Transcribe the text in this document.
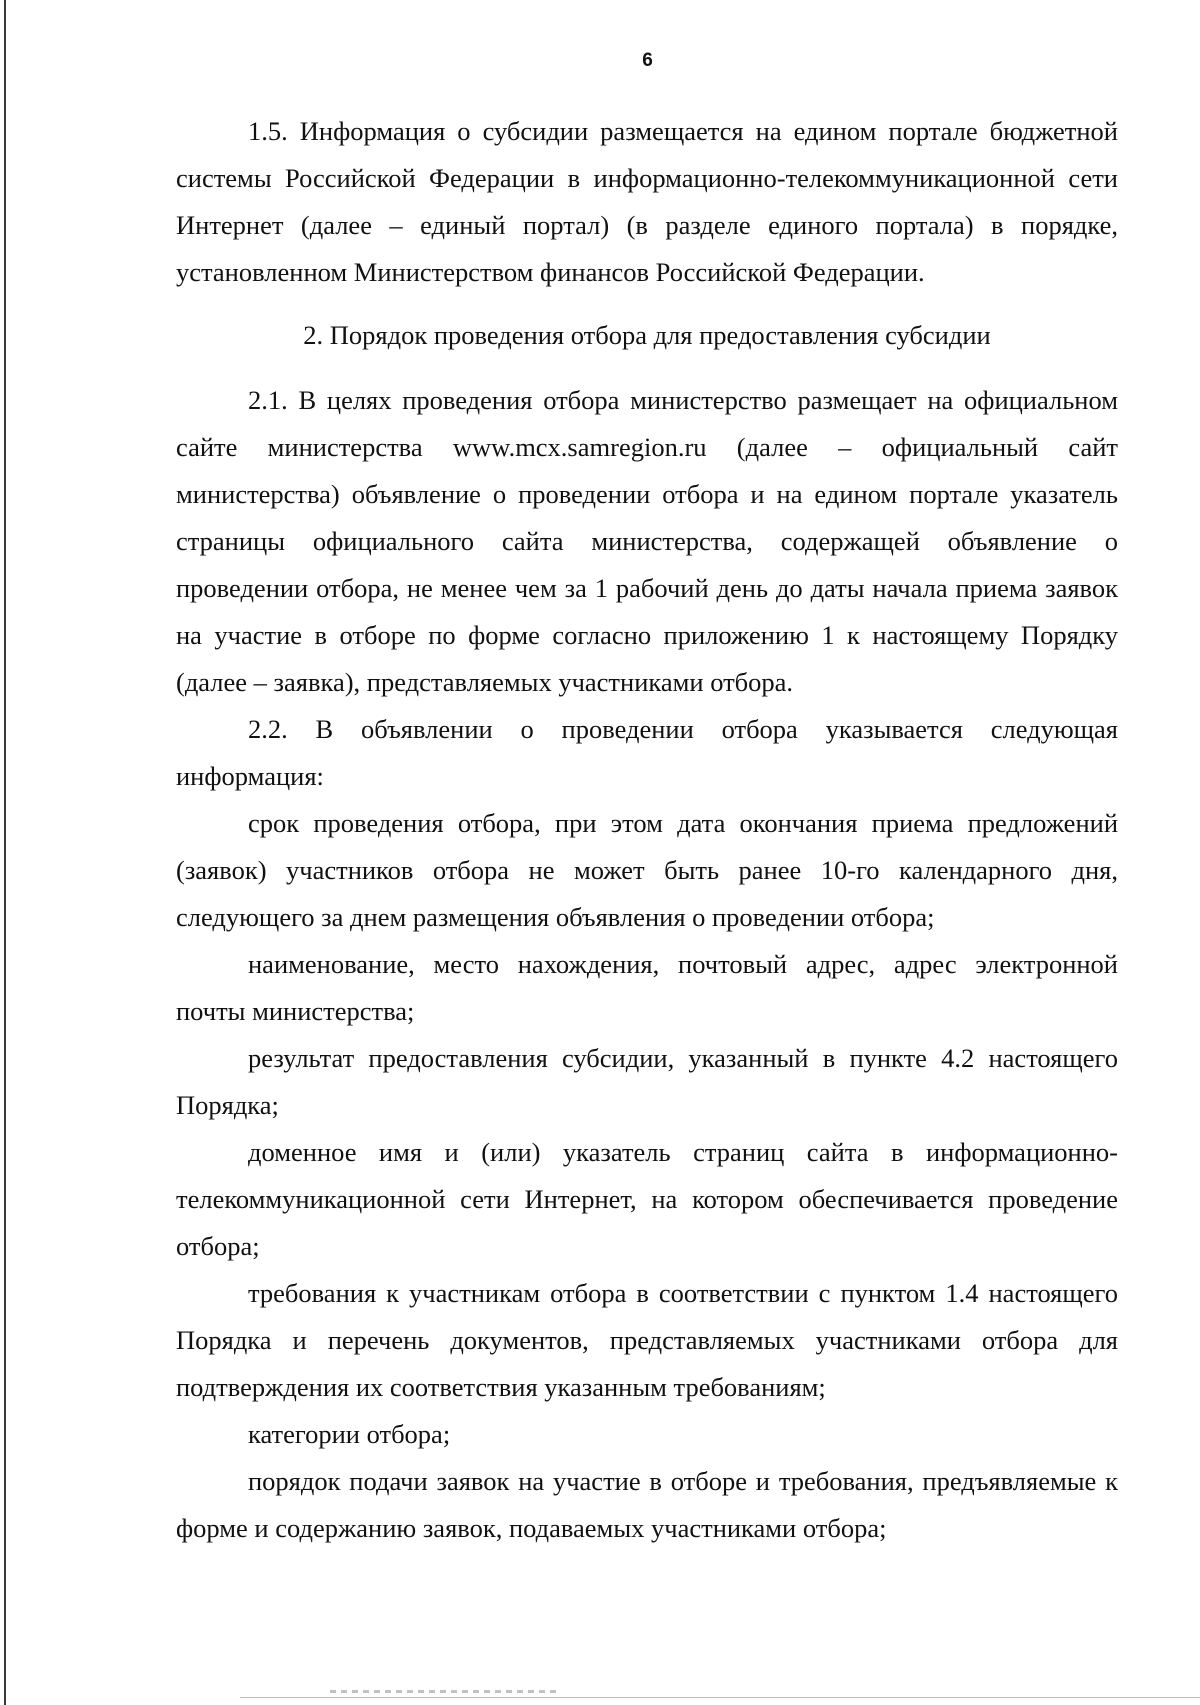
6

1.5. Информация о субсидии размещается на едином портале бюджетной системы Российской Федерации в информационно-телекоммуникационной сети Интернет (далее – единый портал) (в разделе единого портала) в порядке, установленном Министерством финансов Российской Федерации.

2. Порядок проведения отбора для предоставления субсидии

2.1. В целях проведения отбора министерство размещает на официальном сайте министерства www.mcx.samregion.ru (далее – официальный сайт министерства) объявление о проведении отбора и на едином портале указатель страницы официального сайта министерства, содержащей объявление о проведении отбора, не менее чем за 1 рабочий день до даты начала приема заявок на участие в отборе по форме согласно приложению 1 к настоящему Порядку (далее – заявка), представляемых участниками отбора.

2.2. В объявлении о проведении отбора указывается следующая информация:

срок проведения отбора, при этом дата окончания приема предложений (заявок) участников отбора не может быть ранее 10-го календарного дня, следующего за днем размещения объявления о проведении отбора;

наименование, место нахождения, почтовый адрес, адрес электронной почты министерства;

результат предоставления субсидии, указанный в пункте 4.2 настоящего Порядка;

доменное имя и (или) указатель страниц сайта в информационно-телекоммуникационной сети Интернет, на котором обеспечивается проведение отбора;

требования к участникам отбора в соответствии с пунктом 1.4 настоящего Порядка и перечень документов, представляемых участниками отбора для подтверждения их соответствия указанным требованиям;

категории отбора;

порядок подачи заявок на участие в отборе и требования, предъявляемые к форме и содержанию заявок, подаваемых участниками отбора;
